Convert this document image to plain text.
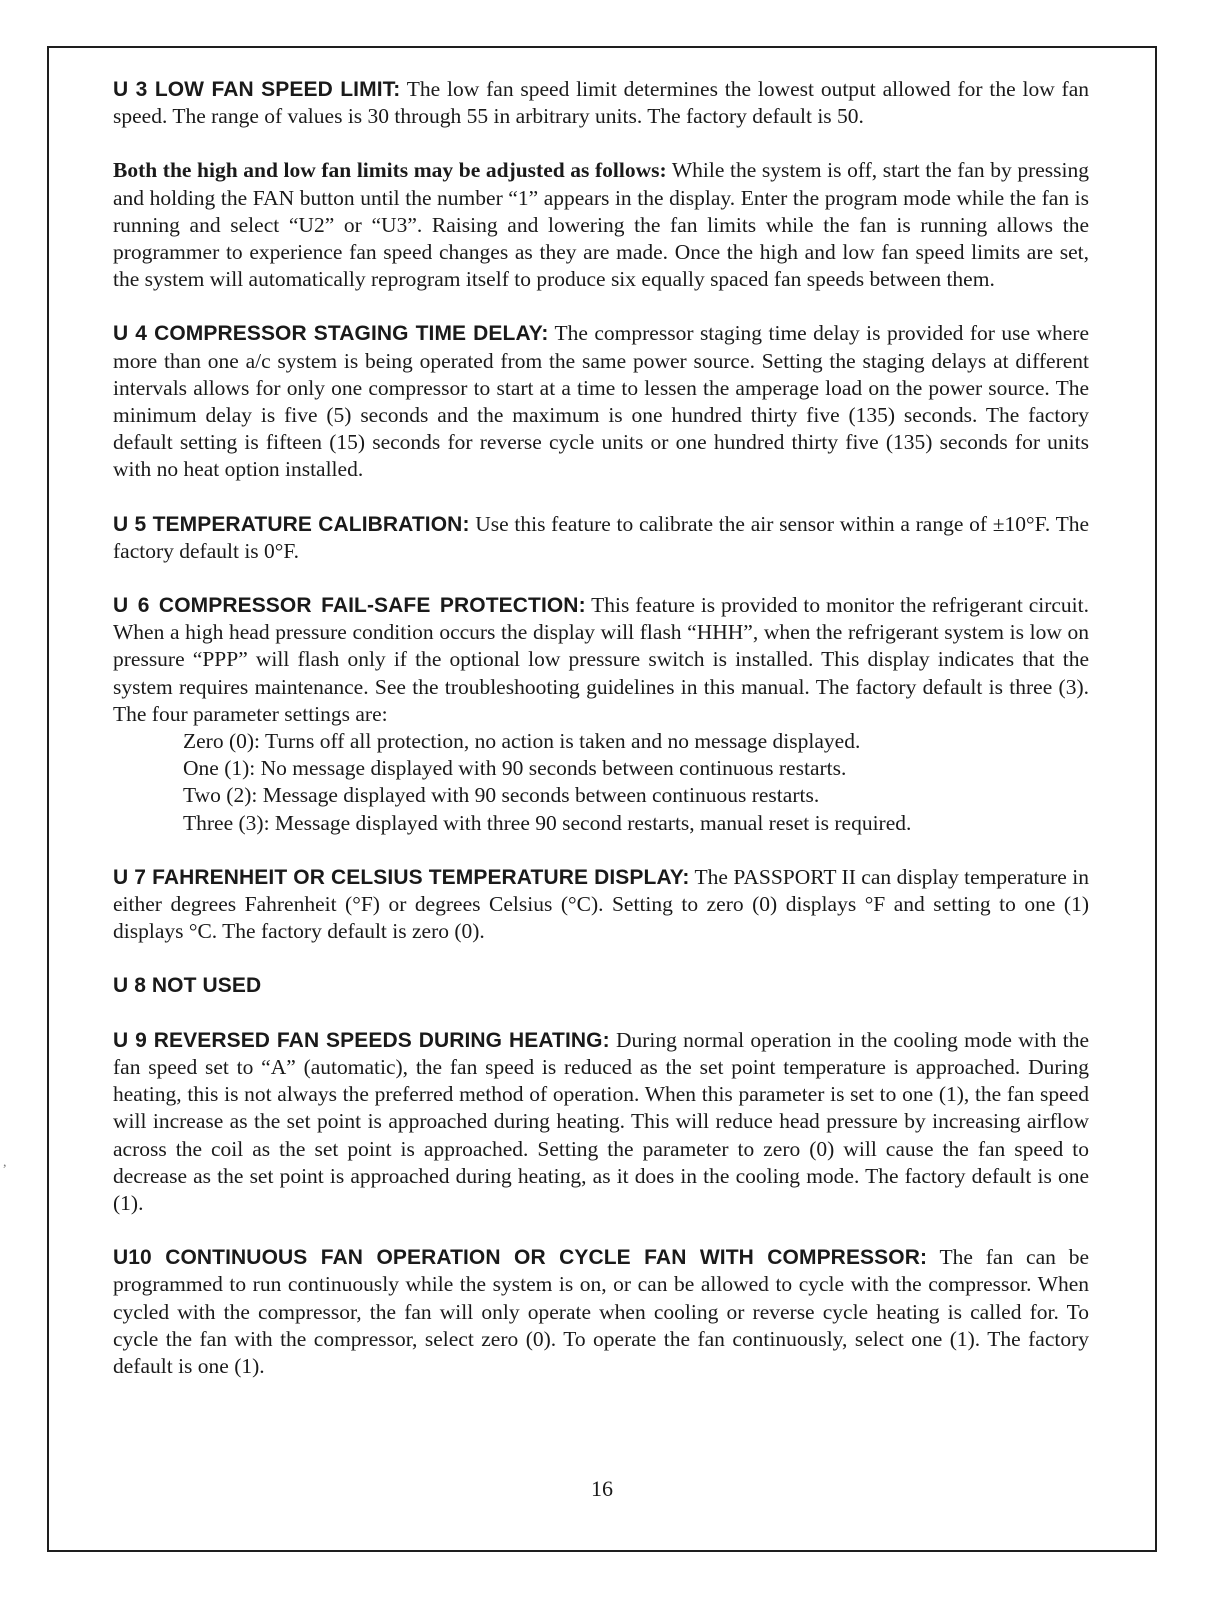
U 3 LOW FAN SPEED LIMIT: The low fan speed limit determines the lowest output allowed for the low fan speed. The range of values is 30 through 55 in arbitrary units. The factory default is 50.

Both the high and low fan limits may be adjusted as follows: While the system is off, start the fan by pressing and holding the FAN button until the number “1” appears in the display. Enter the program mode while the fan is running and select “U2” or “U3”. Raising and lowering the fan limits while the fan is running allows the programmer to experience fan speed changes as they are made. Once the high and low fan speed limits are set, the system will automatically reprogram itself to produce six equally spaced fan speeds between them.

U 4 COMPRESSOR STAGING TIME DELAY: The compressor staging time delay is provided for use where more than one a/c system is being operated from the same power source. Setting the staging delays at different intervals allows for only one compressor to start at a time to lessen the amperage load on the power source. The minimum delay is five (5) seconds and the maximum is one hundred thirty five (135) seconds. The factory default setting is fifteen (15) seconds for reverse cycle units or one hundred thirty five (135) seconds for units with no heat option installed.

U 5 TEMPERATURE CALIBRATION: Use this feature to calibrate the air sensor within a range of ±10°F. The factory default is 0°F.

U 6 COMPRESSOR FAIL-SAFE PROTECTION: This feature is provided to monitor the refrigerant circuit. When a high head pressure condition occurs the display will flash “HHH”, when the refrigerant system is low on pressure “PPP” will flash only if the optional low pressure switch is installed. This display indicates that the system requires maintenance. See the troubleshooting guidelines in this manual. The factory default is three (3). The four parameter settings are:

Zero (0): Turns off all protection, no action is taken and no message displayed.
One (1): No message displayed with 90 seconds between continuous restarts.
Two (2): Message displayed with 90 seconds between continuous restarts.
Three (3): Message displayed with three 90 second restarts, manual reset is required.

U 7 FAHRENHEIT OR CELSIUS TEMPERATURE DISPLAY: The PASSPORT II can display temperature in either degrees Fahrenheit (°F) or degrees Celsius (°C). Setting to zero (0) displays °F and setting to one (1) displays °C. The factory default is zero (0).

U 8 NOT USED

U 9 REVERSED FAN SPEEDS DURING HEATING: During normal operation in the cooling mode with the fan speed set to “A” (automatic), the fan speed is reduced as the set point temperature is approached. During heating, this is not always the preferred method of operation. When this parameter is set to one (1), the fan speed will increase as the set point is approached during heating. This will reduce head pressure by increasing airflow across the coil as the set point is approached. Setting the parameter to zero (0) will cause the fan speed to decrease as the set point is approached during heating, as it does in the cooling mode. The factory default is one (1).

U10 CONTINUOUS FAN OPERATION OR CYCLE FAN WITH COMPRESSOR: The fan can be programmed to run continuously while the system is on, or can be allowed to cycle with the compressor. When cycled with the compressor, the fan will only operate when cooling or reverse cycle heating is called for. To cycle the fan with the compressor, select zero (0). To operate the fan continuously, select one (1). The factory default is one (1).

16
,
